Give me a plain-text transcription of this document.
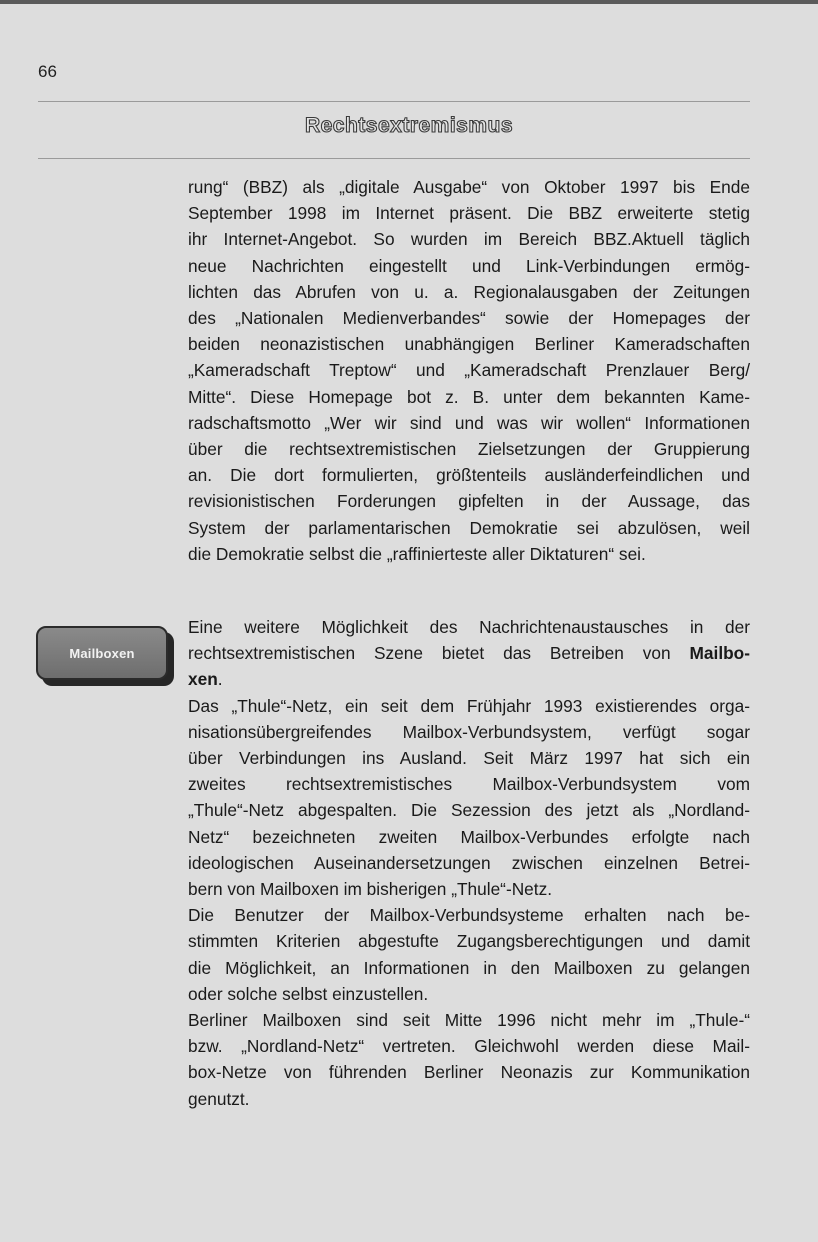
66
Rechtsextremismus
rung“ (BBZ) als „digitale Ausgabe“ von Oktober 1997 bis Ende
September 1998 im Internet präsent. Die BBZ erweiterte stetig
ihr Internet-Angebot. So wurden im Bereich BBZ.Aktuell täglich
neue Nachrichten eingestellt und Link-Verbindungen ermög-
lichten das Abrufen von u. a. Regionalausgaben der Zeitungen
des „Nationalen Medienverbandes“ sowie der Homepages der
beiden neonazistischen unabhängigen Berliner Kameradschaften
„Kameradschaft Treptow“ und „Kameradschaft Prenzlauer Berg/
Mitte“. Diese Homepage bot z. B. unter dem bekannten Kame-
radschaftsmotto „Wer wir sind und was wir wollen“ Informationen
über die rechtsextremistischen Zielsetzungen der Gruppierung
an. Die dort formulierten, größtenteils ausländerfeindlichen und
revisionistischen Forderungen gipfelten in der Aussage, das
System der parlamentarischen Demokratie sei abzulösen, weil
die Demokratie selbst die „raffinierteste aller Diktaturen“ sei.
Mailboxen
Eine weitere Möglichkeit des Nachrichtenaustausches in der
rechtsextremistischen Szene bietet das Betreiben von Mailbo-
xen.
Das „Thule“-Netz, ein seit dem Frühjahr 1993 existierendes orga-
nisationsübergreifendes Mailbox-Verbundsystem, verfügt sogar
über Verbindungen ins Ausland. Seit März 1997 hat sich ein
zweites rechtsextremistisches Mailbox-Verbundsystem vom
„Thule“-Netz abgespalten. Die Sezession des jetzt als „Nordland-
Netz“ bezeichneten zweiten Mailbox-Verbundes erfolgte nach
ideologischen Auseinandersetzungen zwischen einzelnen Betrei-
bern von Mailboxen im bisherigen „Thule“-Netz.
Die Benutzer der Mailbox-Verbundsysteme erhalten nach be-
stimmten Kriterien abgestufte Zugangsberechtigungen und damit
die Möglichkeit, an Informationen in den Mailboxen zu gelangen
oder solche selbst einzustellen.
Berliner Mailboxen sind seit Mitte 1996 nicht mehr im „Thule-“
bzw. „Nordland-Netz“ vertreten. Gleichwohl werden diese Mail-
box-Netze von führenden Berliner Neonazis zur Kommunikation
genutzt.
